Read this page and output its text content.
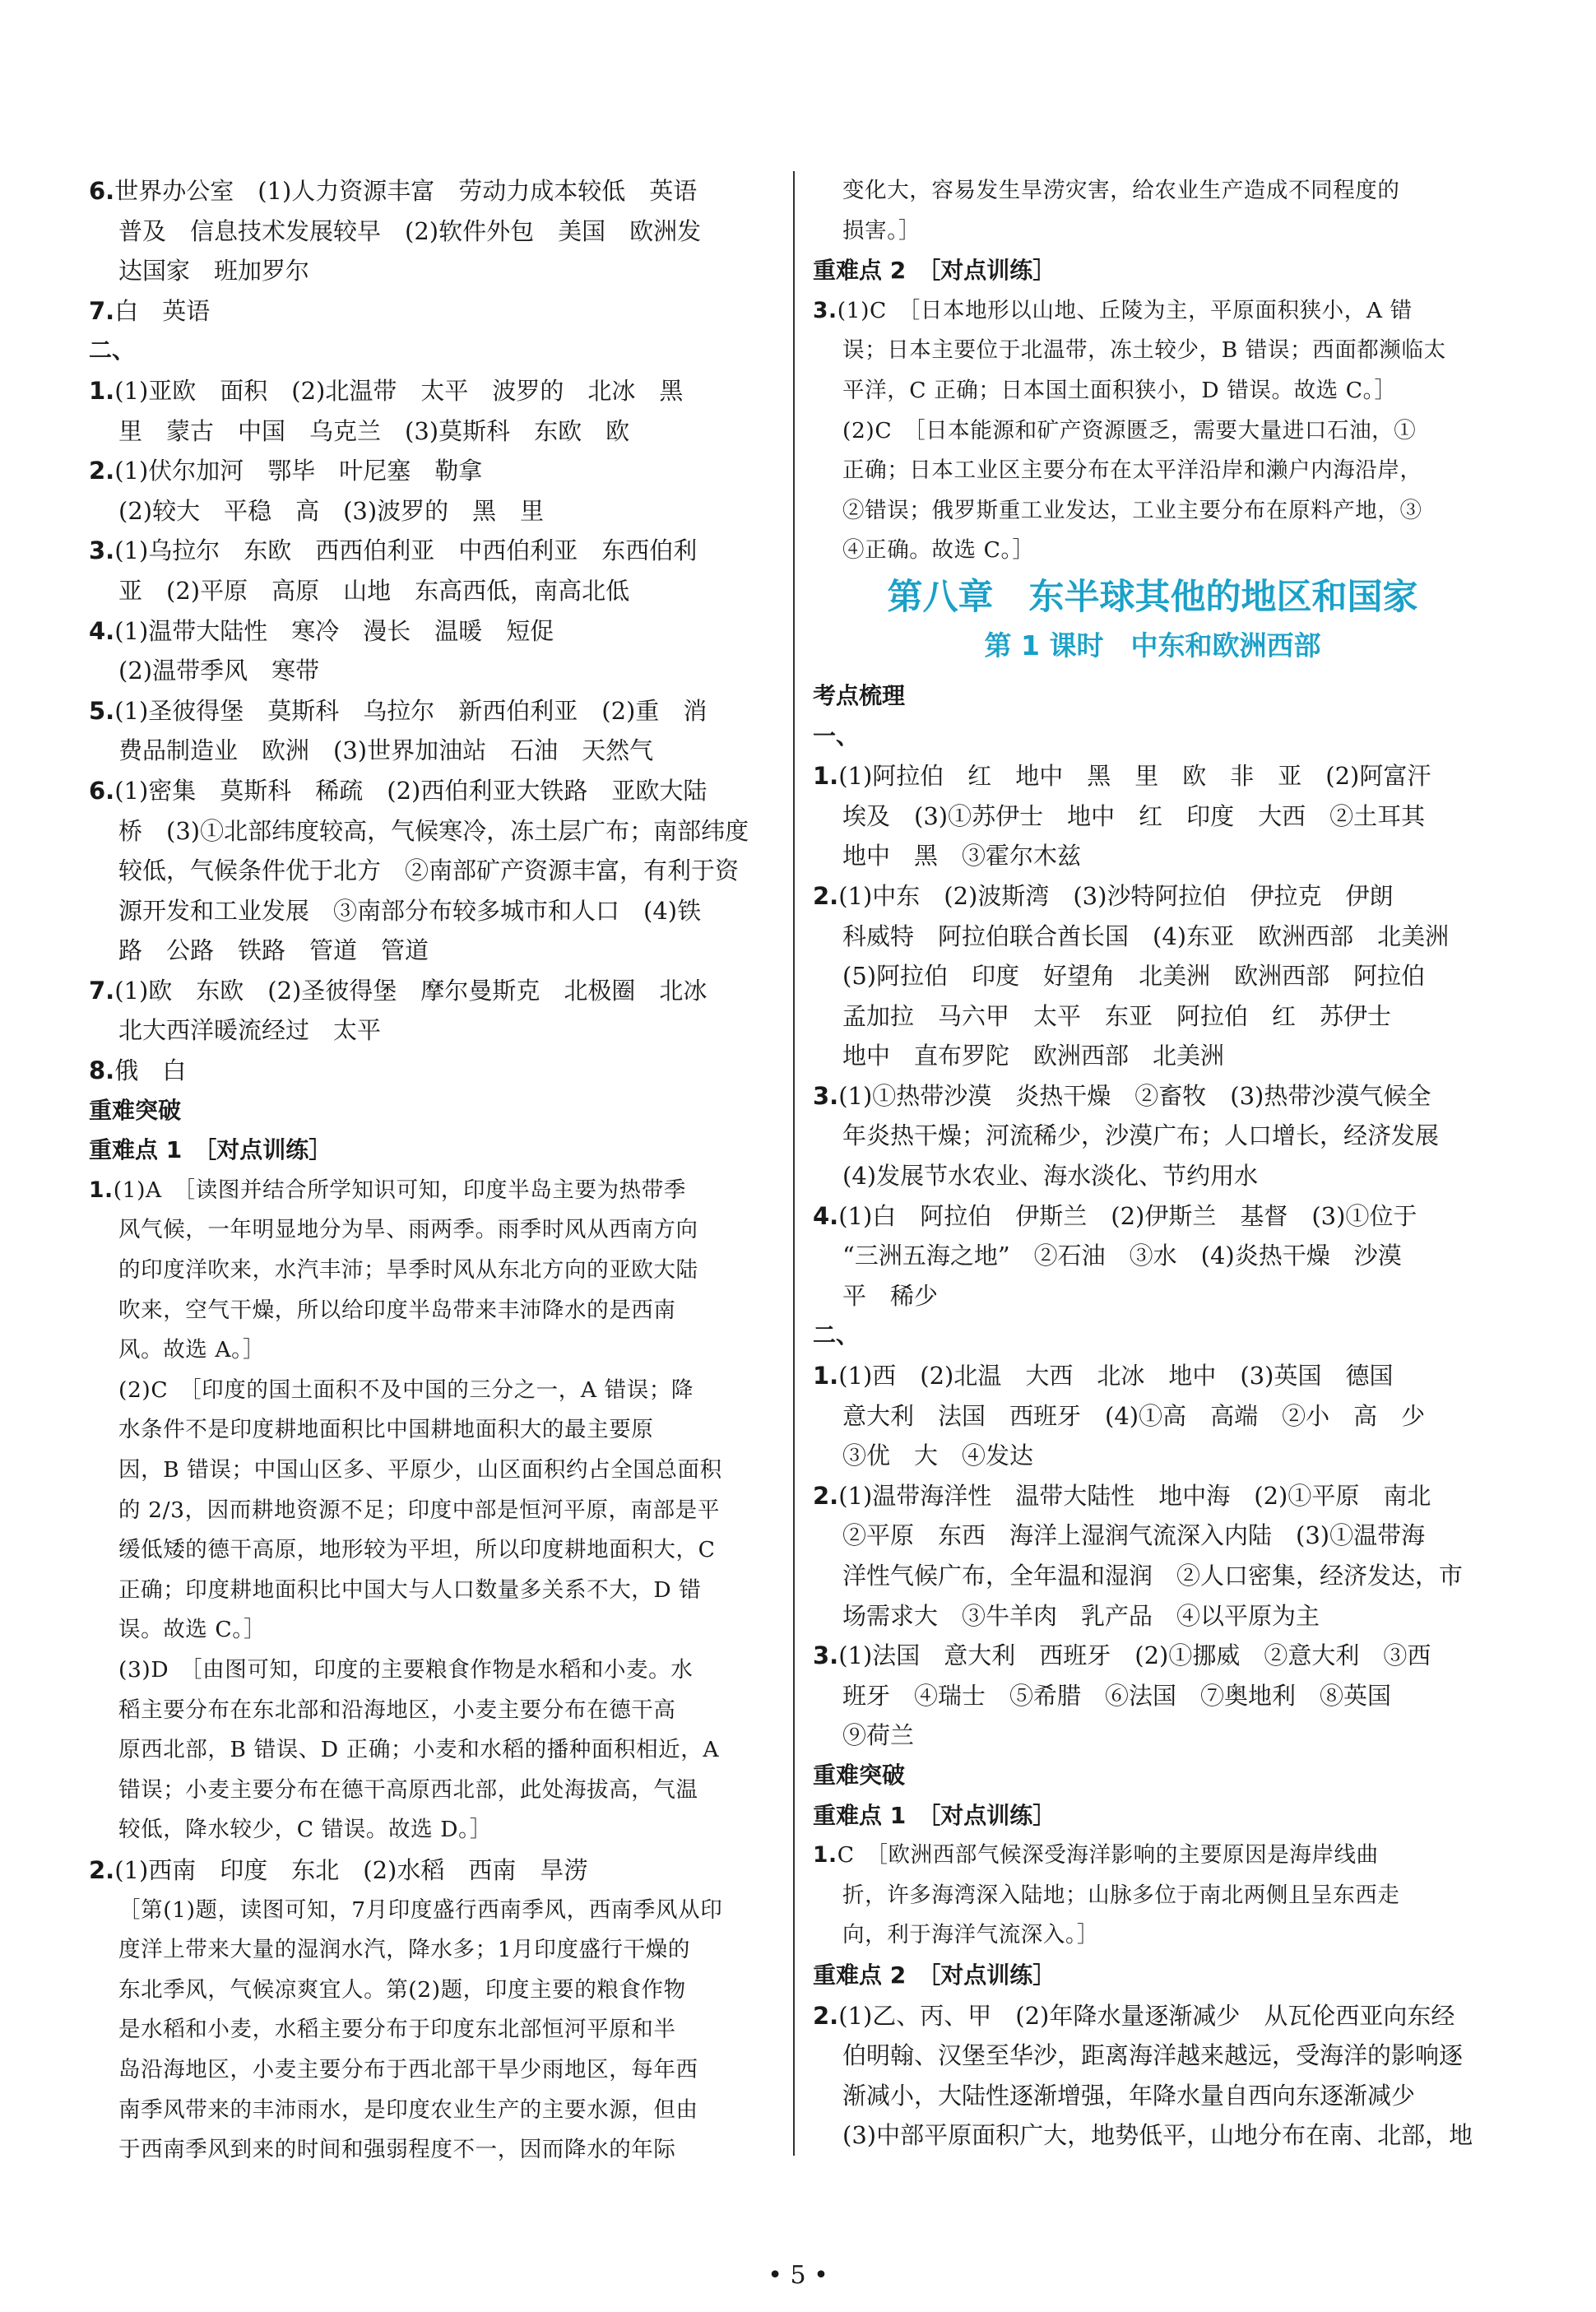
6.世界办公室　(1)人力资源丰富　劳动力成本较低　英语
普及　信息技术发展较早　(2)软件外包　美国　欧洲发
达国家　班加罗尔
7.白　英语
二、
1.(1)亚欧　面积　(2)北温带　太平　波罗的　北冰　黑
里　蒙古　中国　乌克兰　(3)莫斯科　东欧　欧
2.(1)伏尔加河　鄂毕　叶尼塞　勒拿
(2)较大　平稳　高　(3)波罗的　黑　里
3.(1)乌拉尔　东欧　西西伯利亚　中西伯利亚　东西伯利
亚　(2)平原　高原　山地　东高西低，南高北低
4.(1)温带大陆性　寒冷　漫长　温暖　短促
(2)温带季风　寒带
5.(1)圣彼得堡　莫斯科　乌拉尔　新西伯利亚　(2)重　消
费品制造业　欧洲　(3)世界加油站　石油　天然气
6.(1)密集　莫斯科　稀疏　(2)西伯利亚大铁路　亚欧大陆
桥　(3)①北部纬度较高，气候寒冷，冻土层广布；南部纬度
较低，气候条件优于北方　②南部矿产资源丰富，有利于资
源开发和工业发展　③南部分布较多城市和人口　(4)铁
路　公路　铁路　管道　管道
7.(1)欧　东欧　(2)圣彼得堡　摩尔曼斯克　北极圈　北冰
北大西洋暖流经过　太平
8.俄　白
重难突破
重难点 1　［对点训练］
1.(1)A　［读图并结合所学知识可知，印度半岛主要为热带季
风气候，一年明显地分为旱、雨两季。雨季时风从西南方向
的印度洋吹来，水汽丰沛；旱季时风从东北方向的亚欧大陆
吹来，空气干燥，所以给印度半岛带来丰沛降水的是西南
风。故选 A。］
(2)C　［印度的国土面积不及中国的三分之一，A 错误；降
水条件不是印度耕地面积比中国耕地面积大的最主要原
因，B 错误；中国山区多、平原少，山区面积约占全国总面积
的 2/3，因而耕地资源不足；印度中部是恒河平原，南部是平
缓低矮的德干高原，地形较为平坦，所以印度耕地面积大，C
正确；印度耕地面积比中国大与人口数量多关系不大，D 错
误。故选 C。］
(3)D　［由图可知，印度的主要粮食作物是水稻和小麦。水
稻主要分布在东北部和沿海地区，小麦主要分布在德干高
原西北部，B 错误、D 正确；小麦和水稻的播种面积相近，A
错误；小麦主要分布在德干高原西北部，此处海拔高，气温
较低，降水较少，C 错误。故选 D。］
2.(1)西南　印度　东北　(2)水稻　西南　旱涝
［第(1)题，读图可知，7月印度盛行西南季风，西南季风从印
度洋上带来大量的湿润水汽，降水多；1月印度盛行干燥的
东北季风，气候凉爽宜人。第(2)题，印度主要的粮食作物
是水稻和小麦，水稻主要分布于印度东北部恒河平原和半
岛沿海地区，小麦主要分布于西北部干旱少雨地区，每年西
南季风带来的丰沛雨水，是印度农业生产的主要水源，但由
于西南季风到来的时间和强弱程度不一，因而降水的年际
变化大，容易发生旱涝灾害，给农业生产造成不同程度的
损害。］
重难点 2　［对点训练］
3.(1)C　［日本地形以山地、丘陵为主，平原面积狭小，A 错
误；日本主要位于北温带，冻土较少，B 错误；西面都濒临太
平洋，C 正确；日本国土面积狭小，D 错误。故选 C。］
(2)C　［日本能源和矿产资源匮乏，需要大量进口石油，①
正确；日本工业区主要分布在太平洋沿岸和濑户内海沿岸，
②错误；俄罗斯重工业发达，工业主要分布在原料产地，③
④正确。故选 C。］
第八章　东半球其他的地区和国家
第 1 课时　中东和欧洲西部
考点梳理
一、
1.(1)阿拉伯　红　地中　黑　里　欧　非　亚　(2)阿富汗
埃及　(3)①苏伊士　地中　红　印度　大西　②土耳其
地中　黑　③霍尔木兹
2.(1)中东　(2)波斯湾　(3)沙特阿拉伯　伊拉克　伊朗
科威特　阿拉伯联合酋长国　(4)东亚　欧洲西部　北美洲
(5)阿拉伯　印度　好望角　北美洲　欧洲西部　阿拉伯
孟加拉　马六甲　太平　东亚　阿拉伯　红　苏伊士
地中　直布罗陀　欧洲西部　北美洲
3.(1)①热带沙漠　炎热干燥　②畜牧　(3)热带沙漠气候全
年炎热干燥；河流稀少，沙漠广布；人口增长，经济发展
(4)发展节水农业、海水淡化、节约用水
4.(1)白　阿拉伯　伊斯兰　(2)伊斯兰　基督　(3)①位于
“三洲五海之地”　②石油　③水　(4)炎热干燥　沙漠
平　稀少
二、
1.(1)西　(2)北温　大西　北冰　地中　(3)英国　德国
意大利　法国　西班牙　(4)①高　高端　②小　高　少
③优　大　④发达
2.(1)温带海洋性　温带大陆性　地中海　(2)①平原　南北
②平原　东西　海洋上湿润气流深入内陆　(3)①温带海
洋性气候广布，全年温和湿润　②人口密集，经济发达，市
场需求大　③牛羊肉　乳产品　④以平原为主
3.(1)法国　意大利　西班牙　(2)①挪威　②意大利　③西
班牙　④瑞士　⑤希腊　⑥法国　⑦奥地利　⑧英国
⑨荷兰
重难突破
重难点 1　［对点训练］
1.C　［欧洲西部气候深受海洋影响的主要原因是海岸线曲
折，许多海湾深入陆地；山脉多位于南北两侧且呈东西走
向，利于海洋气流深入。］
重难点 2　［对点训练］
2.(1)乙、丙、甲　(2)年降水量逐渐减少　从瓦伦西亚向东经
伯明翰、汉堡至华沙，距离海洋越来越远，受海洋的影响逐
渐减小，大陆性逐渐增强，年降水量自西向东逐渐减少
(3)中部平原面积广大，地势低平，山地分布在南、北部，地
• 5 •
